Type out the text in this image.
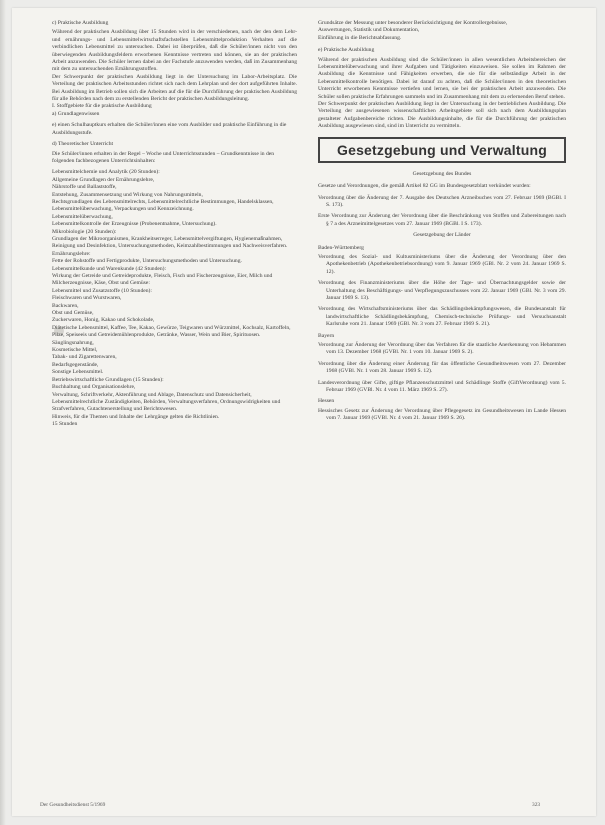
c) Praktische Ausbildung

Während der praktischen Ausbildung über 15 Stunden wird in der verschiedenen, nach der den dem Lehr- und ernährungs- und Lebensmittelwirtschaftsfachstellen Lebensmittelproduktion Verhalten auf die verbindlichen Lebensmittel zu untersuchen. Dabei ist überprüfen, daß die Schüler/innen nicht von den überwiegenden Ausbildungsfeldern erworbenen Kenntnisse vertreten und können, sie an der praktischen Arbeit anzuwenden. Die Schüler lernen dabei an der Fachstufe anzuwenden werden, daß im Zusammenhang mit dem zu untersuchenden Ernährungsstoffen.

Der Schwerpunkt der praktischen Ausbildung liegt in der Untersuchung im Labor-Arbeitsplatz. Die Verteilung der praktischen Arbeitsstunden richtet sich nach dem Lehrplan und der dort aufgeführten Inhalte. Bei Ausbildung im Betrieb sollen sich die Arbeiten auf die für die Durchführung der praktischen Ausbildung für alle Behörden nach dem zu erstellenden Bericht der praktischen Ausbildungsleitung.

I. Stoffgebiete für die praktische Ausbildung

a) Grundlagenwissen

e) einen Schulhauptkurs erhalten die Schüler/innen eine vom Ausbilder und praktische Einführung in die Ausbildungsstufe.
d) Theoretischer Unterricht
Die Schüler/innen erhalten in der Regel – Woche und Unterrichtsstunden – Grundkenntnisse in den folgenden fachbezogenen Unterrichtsinhalten:
Lebensmittelchemie und Analytik (20 Stunden):
Allgemeine Grundlagen der Ernährungslehre,
Nährstoffe und Ballaststoffe,
Entstehung, Zusammensetzung und Wirkung von Nahrungsmitteln,
Rechtsgrundlagen des Lebensmittelrechts, Lebensmittelrechtliche Bestimmungen, Handelsklassen, Lebensmittelüberwachung, Verpackungen und Kennzeichnung.
Lebensmittelüberwachung,
Lebensmittelkontrolle der Erzeugnisse (Probenentnahme, Untersuchung).
Mikrobiologie (20 Stunden):
Grundlagen der Mikroorganismen, Krankheitserreger, Lebensmittelvergiftungen, Hygienemaßnahmen, Reinigung und Desinfektion, Untersuchungsmethoden, Keimzahlbestimmungen und Nachweisverfahren.
Ernährungslehre:
Fette der Rohstoffe und Fertigprodukte, Untersuchungsmethoden und Untersuchung.
Lebensmittelkunde und Warenkunde (42 Stunden):
Wirkung der Getreide und Getreideprodukte, Fleisch, Fisch und Fischerzeugnisse, Eier, Milch und Milcherzeugnisse, Käse, Obst und Gemüse:
Lebensmittel und Zusatzstoffe (10 Stunden):
Fleischwaren und Wurstwaren,
Backwaren,
Obst und Gemüse,
Zuckerwaren, Honig, Kakao und Schokolade,
Diätetische Lebensmittel, Kaffee, Tee, Kakao, Gewürze, Teigwaren und Würzmittel, Kochsalz, Kartoffeln, Pilze, Speiseeis und Getreidemühlenprodukte, Getränke, Wasser, Wein und Bier, Spirituosen.
Säuglingsnahrung,
Kosmetische Mittel,
Tabak- und Zigarettenwaren,
Bedarfsgegenstände,
Sonstige Lebensmittel.
Betriebswirtschaftliche Grundlagen (15 Stunden):
Buchhaltung und Organisationslehre,
Verwaltung, Schriftverkehr, Aktenführung und Ablage, Datenschutz und Datensicherheit,
Lebensmittelrechtliche Zuständigkeiten, Behörden, Verwaltungsverfahren, Ordnungswidrigkeiten und Strafverfahren, Gutachtenerstellung und Berichtswesen.
Hinweis, für die Themen und Inhalte der Lehrgänge gelten die Richtlinien.
15 Stunden
Grundsätze der Messung unter besonderer Berücksichtigung der Kontrollergebnisse,
Auswertungen, Statistik und Dokumentation,
Einführung in die Berichtsabfassung.
e) Praktische Ausbildung

Während der praktischen Ausbildung sind die Schüler/innen in allen wesentlichen Arbeitsbereichen der Lebensmittelüberwachung und ihrer Aufgaben und Tätigkeiten einzuweisen. Sie sollen im Rahmen der Ausbildung die Kenntnisse und Fähigkeiten erwerben, die sie für die selbständige Arbeit in der Lebensmittelkontrolle benötigen. Dabei ist darauf zu achten, daß die Schüler/innen in den theoretischen Unterricht erworbenen Kenntnisse vertiefen und lernen, sie bei der praktischen Arbeit anzuwenden. Die Schüler sollen praktische Erfahrungen sammeln und im Zusammenhang mit dem zu erlernenden Beruf stehen.

Der Schwerpunkt der praktischen Ausbildung liegt in der Untersuchung in der betrieblichen Ausbildung. Die Verteilung der ausgewiesenen wissenschaftlichen Arbeitsgebiete soll sich nach dem Ausbildungsplan gestalteter Aufgabenbereiche richten. Die Ausbildungsinhalte, die für die Durchführung der praktischen Ausbildung ausgewiesen sind, sind im Unterricht zu vermitteln.

Gesetzgebung und Verwaltung
Gesetzgebung des Bundes
Gesetze und Verordnungen, die gemäß Artikel 82 GG im Bundesgesetzblatt verkündet wurden:
Verordnung über die Änderung der 7. Ausgabe des Deutschen Arzneibuches vom 27. Februar 1969 (BGBl. I S. 173).
Erste Verordnung zur Änderung der Verordnung über die Beschränkung von Stoffen und Zubereitungen nach § 7 a des Arzneimittelgesetzes vom 27. Januar 1969 (BGBl. I S. 173).
Gesetzgebung der Länder
Baden-Württemberg
Verordnung des Sozial- und Kultusministeriums über die Änderung der Verordnung über den Apothekenbetrieb (Apothekenbetriebsordnung) vom 9. Januar 1969 (GBl. Nr. 2 vom 24. Januar 1969 S. 12).
Verordnung des Finanzministeriums über die Höhe der Tage- und Übernachtungsgelder sowie der Unterhaltung des Beschäftigungs- und Verpflegungszuschusses vom 22. Januar 1969 (GBl. Nr. 3 vom 29. Januar 1969 S. 13).
Verordnung des Wirtschaftsministeriums über das Schädlingsbekämpfungswesen, die Bundesanstalt für landwirtschaftliche Schädlingsbekämpfung, Chemisch-technische Prüfungs- und Versuchsanstalt Karlsruhe vom 21. Januar 1969 (GBl. Nr. 3 vom 27. Februar 1969 S. 21).
Bayern
Verordnung zur Änderung der Verordnung über das Verfahren für die staatliche Anerkennung von Hebammen vom 13. Dezember 1968 (GVBl. Nr. 1 vom 10. Januar 1969 S. 2).
Verordnung über die Änderung einer Änderung für das öffentliche Gesundheitswesen vom 27. Dezember 1968 (GVBl. Nr. 1 vom 28. Januar 1969 S. 12).
Landesverordnung über Gifte, giftige Pflanzenschutzmittel und Schädlinge Stoffe (GiftVerordnung) vom 5. Februar 1969 (GVBl. Nr. 4 vom 11. März 1969 S. 27).
Hessen
Hessisches Gesetz zur Änderung der Verordnung über Pflegegesetz im Gesundheitswesen im Lande Hessen vom 7. Januar 1969 (GVBl. Nr. 4 vom 21. Januar 1969 S. 26).
Der Gesundheitsdienst 5/1969	323
